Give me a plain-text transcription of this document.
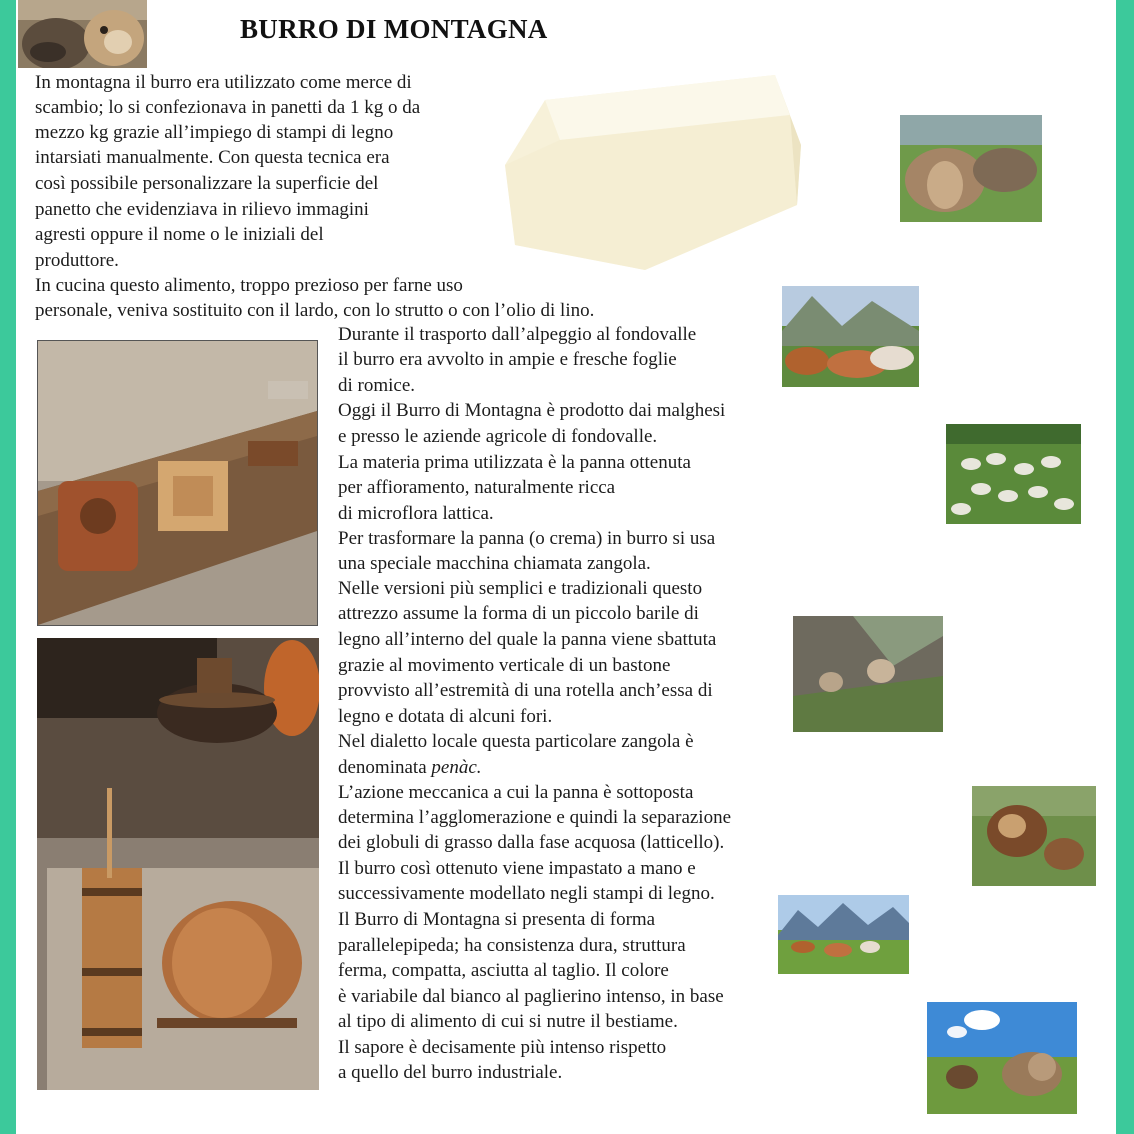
BURRO DI MONTAGNA
In montagna il burro era utilizzato come merce di
scambio; lo si confezionava in panetti da 1 kg o da
mezzo kg grazie all’impiego di stampi di legno
intarsiati manualmente. Con questa tecnica era
così possibile personalizzare la superficie del
panetto che evidenziava in rilievo immagini
agresti oppure il nome o le iniziali del
produttore.
In cucina questo alimento, troppo prezioso per farne uso
personale, veniva sostituito con il lardo, con lo strutto o con l’olio di lino.
Durante il trasporto dall’alpeggio al fondovalle
il burro era avvolto in ampie e fresche foglie
di romice.
Oggi il Burro di Montagna è prodotto dai malghesi
e presso le aziende agricole di fondovalle.
La materia prima utilizzata è la panna ottenuta
per affioramento, naturalmente ricca
di microflora lattica.
Per trasformare la panna (o crema) in burro si usa
una speciale macchina chiamata zangola.
Nelle versioni più semplici e tradizionali questo
attrezzo assume la forma di un piccolo barile di
legno all’interno del quale la panna viene sbattuta
grazie al movimento verticale di un bastone
provvisto all’estremità di una rotella anch’essa di
legno e dotata di alcuni fori.
Nel dialetto locale questa particolare zangola è
denominata penàc.
L’azione meccanica a cui la panna è sottoposta
determina l’agglomerazione e quindi la separazione
dei globuli di grasso dalla fase acquosa (latticello).
Il burro così ottenuto viene impastato a mano e
successivamente modellato negli stampi di legno.
Il Burro di Montagna si presenta di forma
parallelepipeda; ha consistenza dura, struttura
ferma, compatta, asciutta al taglio. Il colore
è variabile dal bianco al paglierino intenso, in base
al tipo di alimento di cui si nutre il bestiame.
Il sapore è decisamente più intenso rispetto
a quello del burro industriale.
